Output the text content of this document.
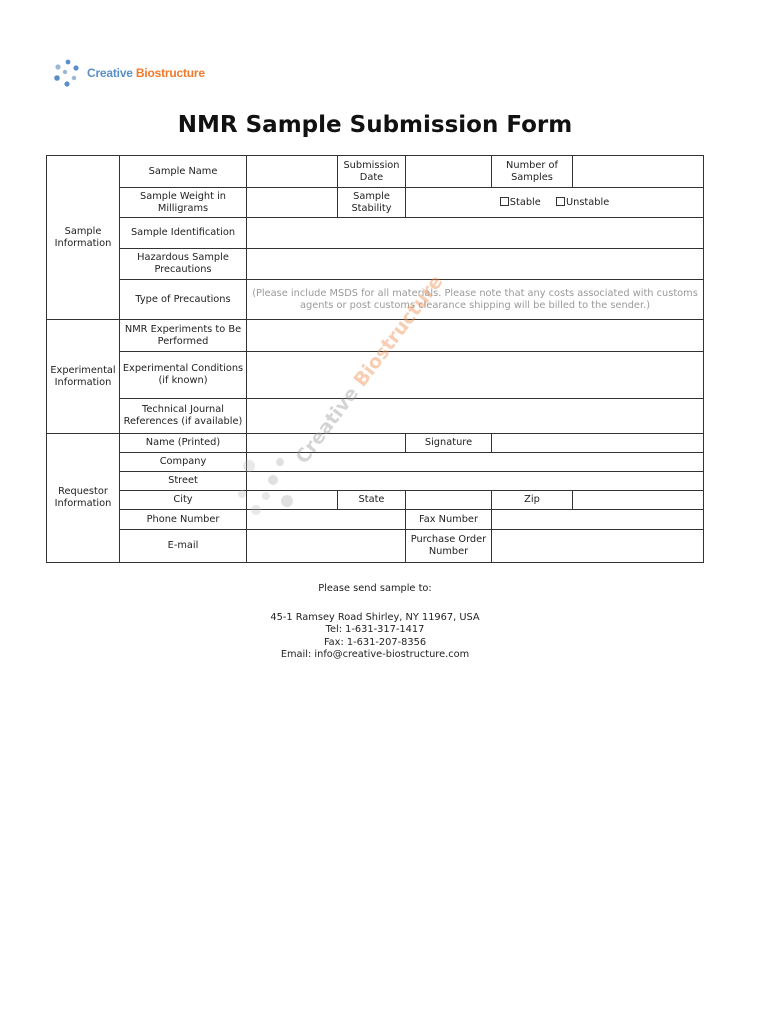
Creative Biostructure
NMR Sample Submission Form
Sample Information	Sample Name		Submission Date		Number of Samples	
	Sample Weight in Milligrams		Sample Stability	Stable Unstable		
	Sample Identification					
	Hazardous Sample Precautions					
	Type of Precautions	(Please include MSDS for all materials. Please note that any costs associated with customs agents or post customs clearance shipping will be billed to the sender.)				
Experimental Information	NMR Experiments to Be Performed					
	Experimental Conditions (if known)					
	Technical Journal References (if available)					
Requestor Information	Name (Printed)			Signature		
	Company					
	Street					
	City		State		Zip	
	Phone Number			Fax Number		
	E-mail			Purchase Order Number		
Creative Biostructure
Please send sample to:
45-1 Ramsey Road Shirley, NY 11967, USA
Tel: 1-631-317-1417
Fax: 1-631-207-8356
Email: info@creative-biostructure.com
